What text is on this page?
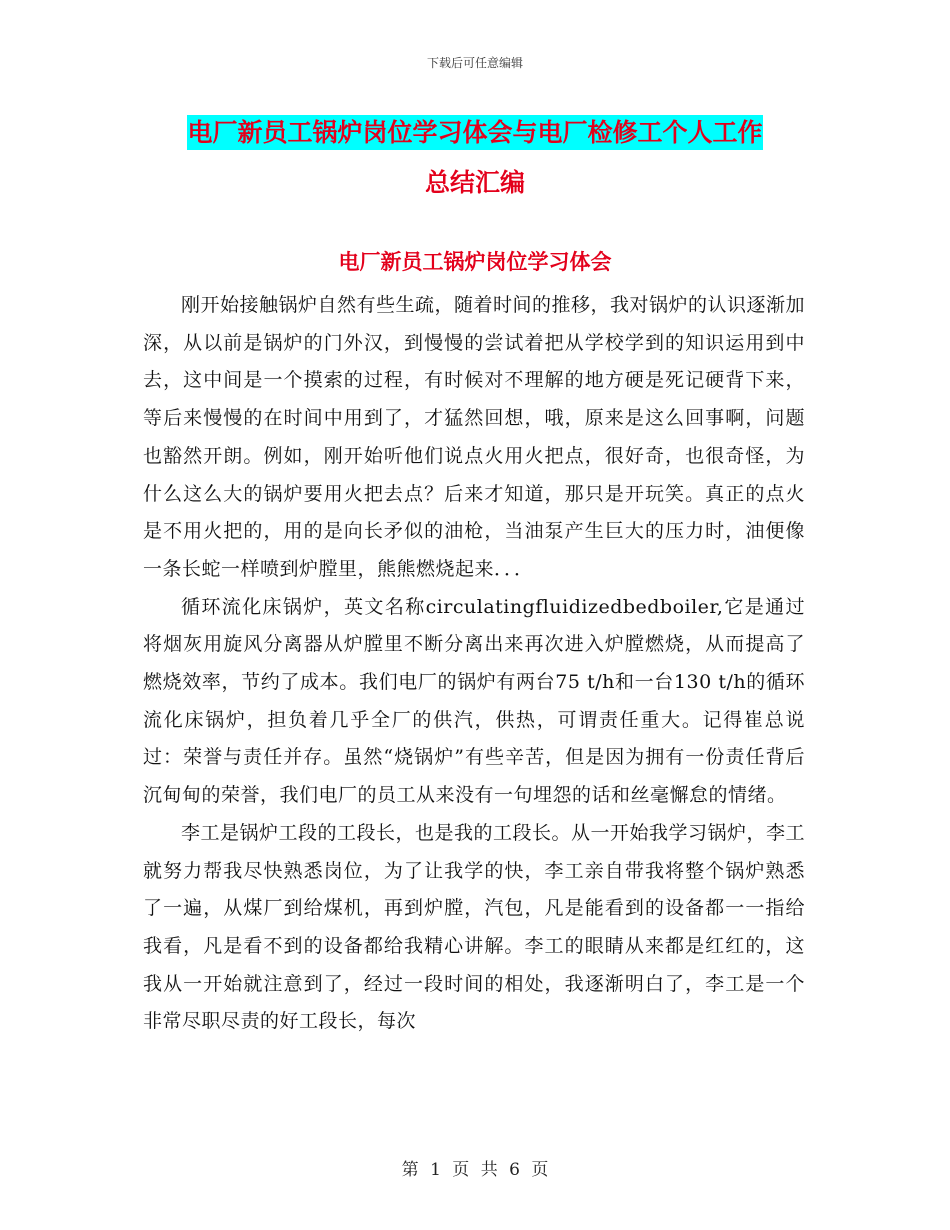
下载后可任意编辑
电厂新员工锅炉岗位学习体会与电厂检修工个人工作
总结汇编
电厂新员工锅炉岗位学习体会

刚开始接触锅炉自然有些生疏，随着时间的推移，我对锅炉的认识逐渐加深，从以前是锅炉的门外汉，到慢慢的尝试着把从学校学到的知识运用到中去，这中间是一个摸索的过程，有时候对不理解的地方硬是死记硬背下来，等后来慢慢的在时间中用到了，才猛然回想，哦，原来是这么回事啊，问题也豁然开朗。例如，刚开始听他们说点火用火把点，很好奇，也很奇怪，为什么这么大的锅炉要用火把去点？后来才知道，那只是开玩笑。真正的点火是不用火把的，用的是向长矛似的油枪，当油泵产生巨大的压力时，油便像一条长蛇一样喷到炉膛里，熊熊燃烧起来．．．

循环流化床锅炉，英文名称circulatingfluidizedbedboiler,它是通过将烟灰用旋风分离器从炉膛里不断分离出来再次进入炉膛燃烧，从而提高了燃烧效率，节约了成本。我们电厂的锅炉有两台75 t/h和一台130 t/h的循环流化床锅炉，担负着几乎全厂的供汽，供热，可谓责任重大。记得崔总说过：荣誉与责任并存。虽然“烧锅炉”有些辛苦，但是因为拥有一份责任背后沉甸甸的荣誉，我们电厂的员工从来没有一句埋怨的话和丝毫懈怠的情绪。

李工是锅炉工段的工段长，也是我的工段长。从一开始我学习锅炉，李工就努力帮我尽快熟悉岗位，为了让我学的快，李工亲自带我将整个锅炉熟悉了一遍，从煤厂到给煤机，再到炉膛，汽包，凡是能看到的设备都一一指给我看，凡是看不到的设备都给我精心讲解。李工的眼睛从来都是红红的，这我从一开始就注意到了，经过一段时间的相处，我逐渐明白了，李工是一个非常尽职尽责的好工段长，每次

第 1 页 共 6 页
